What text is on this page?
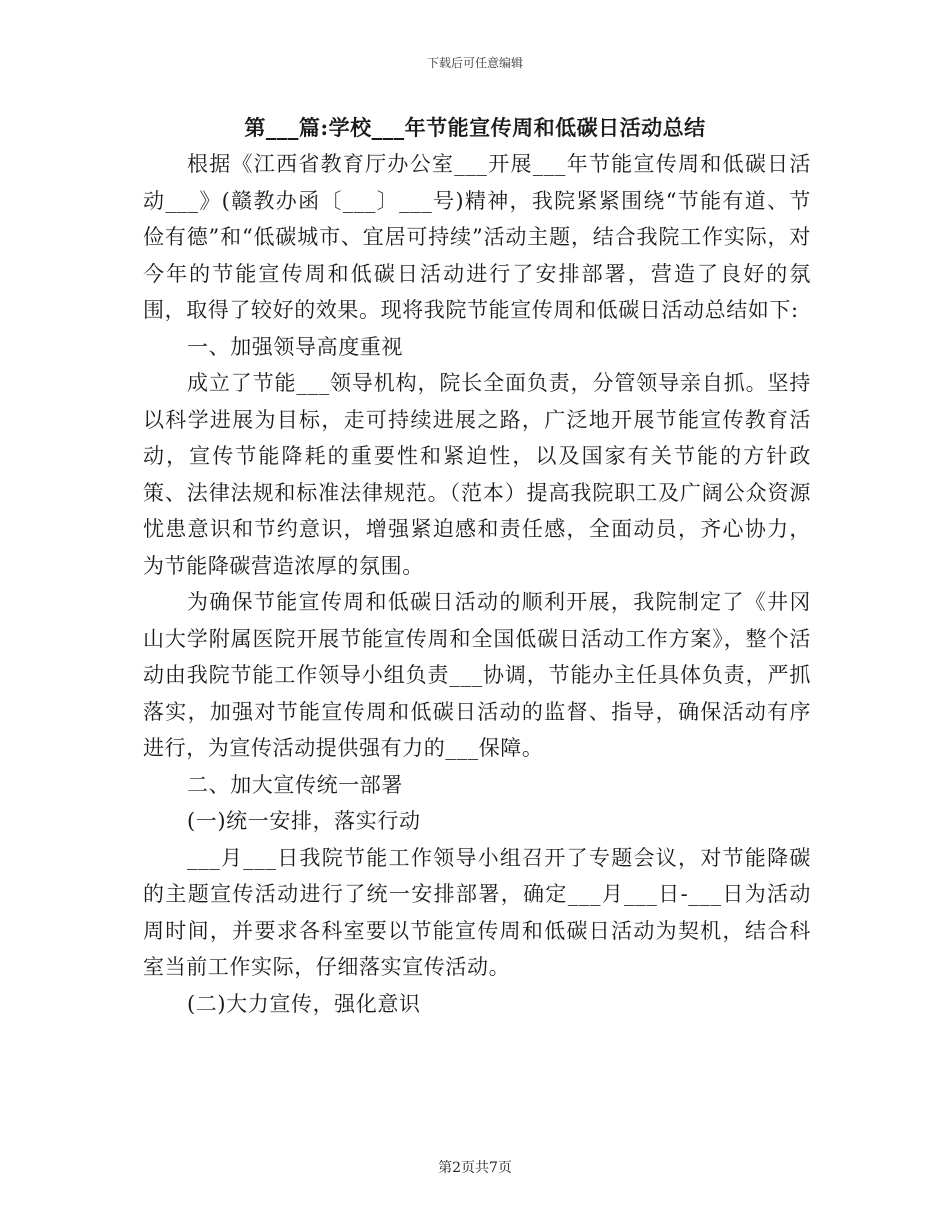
下载后可任意编辑
第___篇:学校___年节能宣传周和低碳日活动总结

根据《江西省教育厅办公室___开展___年节能宣传周和低碳日活动___》(赣教办函〔___〕___号)精神，我院紧紧围绕“节能有道、节俭有德”和“低碳城市、宜居可持续”活动主题，结合我院工作实际，对今年的节能宣传周和低碳日活动进行了安排部署，营造了良好的氛围，取得了较好的效果。现将我院节能宣传周和低碳日活动总结如下:

一、加强领导高度重视

成立了节能___领导机构，院长全面负责，分管领导亲自抓。坚持以科学进展为目标，走可持续进展之路，广泛地开展节能宣传教育活动，宣传节能降耗的重要性和紧迫性，以及国家有关节能的方针政策、法律法规和标准法律规范。（范本）提高我院职工及广阔公众资源忧患意识和节约意识，增强紧迫感和责任感，全面动员，齐心协力，为节能降碳营造浓厚的氛围。

为确保节能宣传周和低碳日活动的顺利开展，我院制定了《井冈山大学附属医院开展节能宣传周和全国低碳日活动工作方案》，整个活动由我院节能工作领导小组负责___协调，节能办主任具体负责，严抓落实，加强对节能宣传周和低碳日活动的监督、指导，确保活动有序进行，为宣传活动提供强有力的___保障。

二、加大宣传统一部署

(一)统一安排，落实行动

___月___日我院节能工作领导小组召开了专题会议，对节能降碳的主题宣传活动进行了统一安排部署，确定___月___日-___日为活动周时间，并要求各科室要以节能宣传周和低碳日活动为契机，结合科室当前工作实际，仔细落实宣传活动。

(二)大力宣传，强化意识

第2页共7页
